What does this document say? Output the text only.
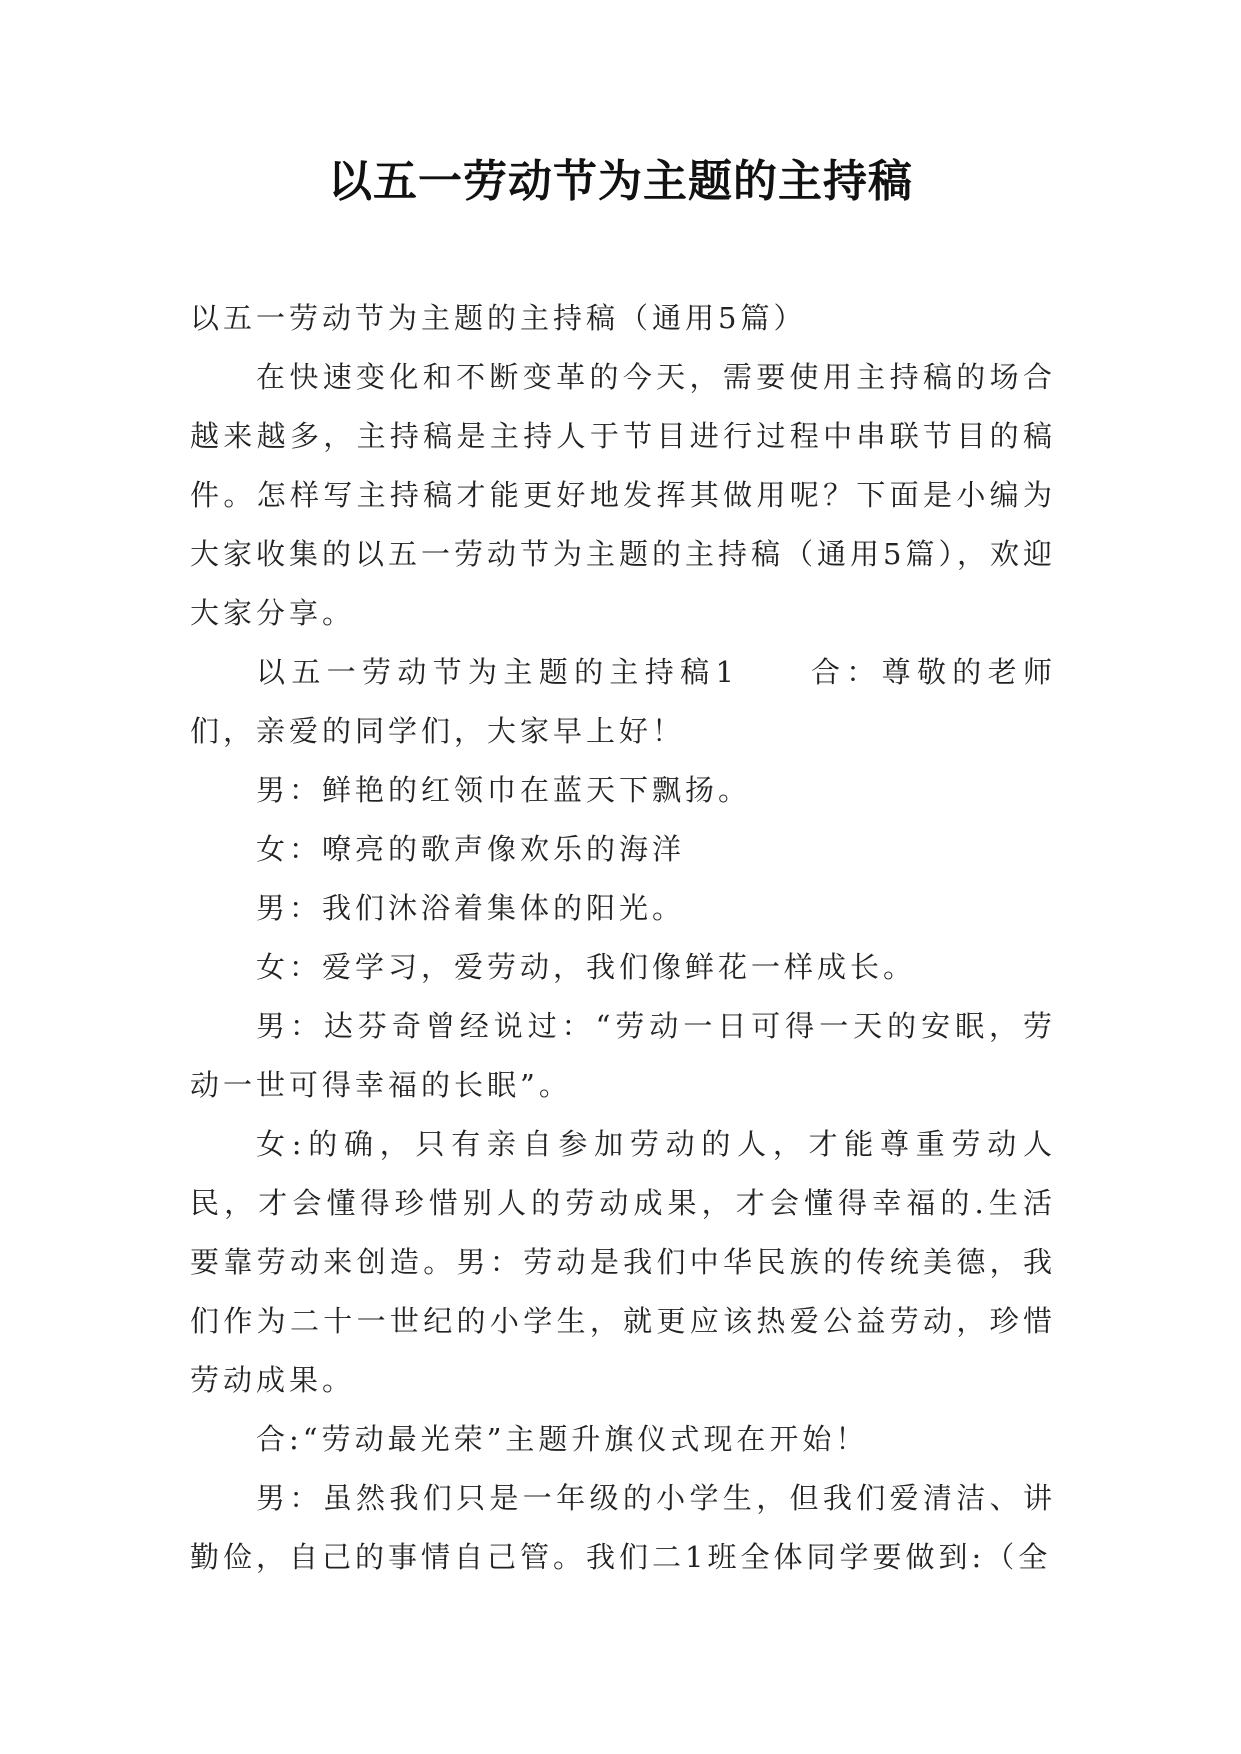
以五一劳动节为主题的主持稿

以五一劳动节为主题的主持稿（通用5篇）

在快速变化和不断变革的今天，需要使用主持稿的场合越来越多，主持稿是主持人于节目进行过程中串联节目的稿件。怎样写主持稿才能更好地发挥其做用呢？下面是小编为大家收集的以五一劳动节为主题的主持稿（通用5篇），欢迎大家分享。

以五一劳动节为主题的主持稿1　　合：尊敬的老师们，亲爱的同学们，大家早上好！

男：鲜艳的红领巾在蓝天下飘扬。

女：嘹亮的歌声像欢乐的海洋

男：我们沐浴着集体的阳光。

女：爱学习，爱劳动，我们像鲜花一样成长。

男：达芬奇曾经说过：“劳动一日可得一天的安眠，劳动一世可得幸福的长眠”。

女:的确，只有亲自参加劳动的人，才能尊重劳动人民，才会懂得珍惜别人的劳动成果，才会懂得幸福的.生活要靠劳动来创造。男：劳动是我们中华民族的传统美德，我们作为二十一世纪的小学生，就更应该热爱公益劳动，珍惜劳动成果。

合:“劳动最光荣”主题升旗仪式现在开始！

男：虽然我们只是一年级的小学生，但我们爱清洁、讲勤俭，自己的事情自己管。我们二1班全体同学要做到:（全
